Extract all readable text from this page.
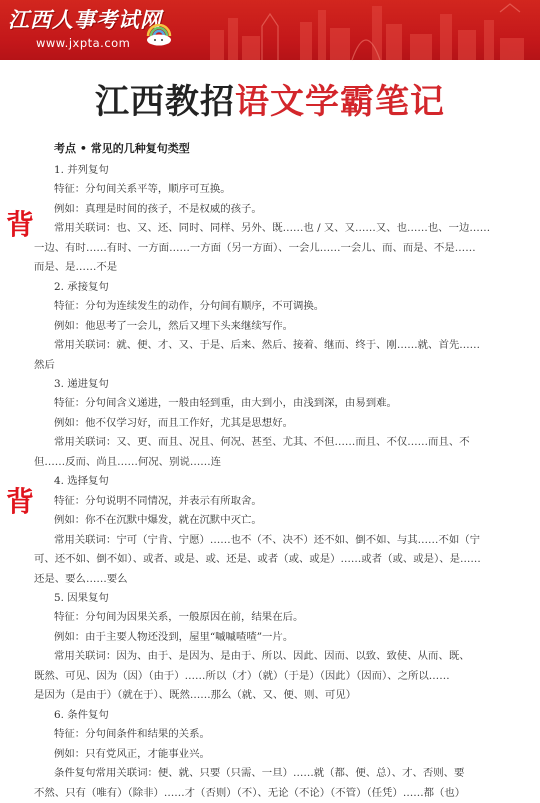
江西人事考试网
www.jxpta.com
江西教招语文学霸笔记
背
背
考点 • 常见的几种复句类型
1. 并列复句
特征：分句间关系平等，顺序可互换。
例如：真理是时间的孩子，不是权威的孩子。
常用关联词：也、又、还、同时、同样、另外、既……也 / 又、又……又、也……也、一边……
一边、有时……有时、一方面……一方面（另一方面）、一会儿……一会儿、而、而是、不是……
而是、是……不是
2. 承接复句
特征：分句为连续发生的动作，分句间有顺序，不可调换。
例如：他思考了一会儿，然后又埋下头来继续写作。
常用关联词：就、便、才、又、于是、后来、然后、接着、继而、终于、刚……就、首先……
然后
3. 递进复句
特征：分句间含义递进，一般由轻到重，由大到小，由浅到深，由易到难。
例如：他不仅学习好，而且工作好，尤其是思想好。
常用关联词：又、更、而且、况且、何况、甚至、尤其、不但……而且、不仅……而且、不
但……反而、尚且……何况、别说……连
4. 选择复句
特征：分句说明不同情况，并表示有所取舍。
例如：你不在沉默中爆发，就在沉默中灭亡。
常用关联词：宁可（宁肯、宁愿）……也不（不、决不）还不如、倒不如、与其……不如（宁
可、还不如、倒不如）、或者、或是、或、还是、或者（或、或是）……或者（或、或是）、是……
还是、要么……要么
5. 因果复句
特征：分句间为因果关系，一般原因在前，结果在后。
例如：由于主要人物还没到，屋里“嘁嘁喳喳”一片。
常用关联词：因为、由于、是因为、是由于、所以、因此、因而、以致、致使、从而、既、
既然、可见、因为（因）（由于）……所以（才）（就）（于是）（因此）（因而）、之所以……
是因为（是由于）（就在于）、既然……那么（就、又、便、则、可见）
6. 条件复句
特征：分句间条件和结果的关系。
例如：只有党风正，才能事业兴。
条件复句常用关联词：便、就、只要（只需、一旦）……就（都、便、总）、才、否则、要
不然、只有（唯有）（除非）……才（否则）（不）、无论（不论）（不管）（任凭）……都（也）
